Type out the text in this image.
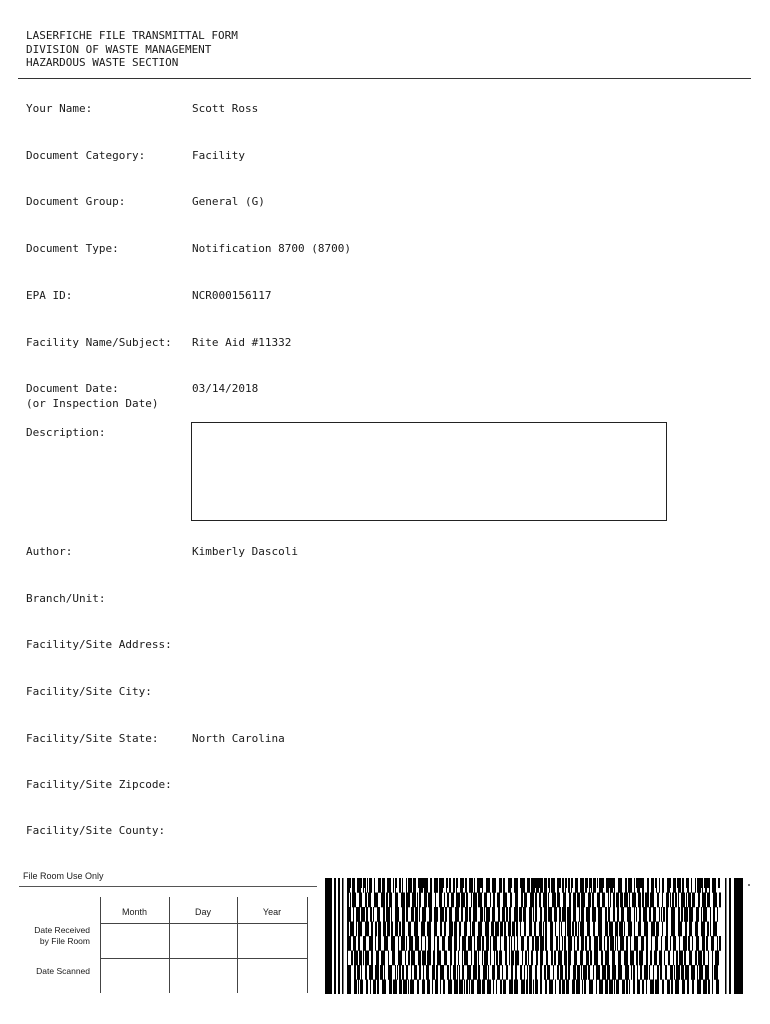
LASERFICHE FILE TRANSMITTAL FORM
DIVISION OF WASTE MANAGEMENT
HAZARDOUS WASTE SECTION
Your Name:	Scott Ross
Document Category:	Facility
Document Group:	General (G)
Document Type:	Notification 8700 (8700)
EPA ID:	NCR000156117
Facility Name/Subject: Rite Aid #11332
Document Date:	03/14/2018
(or Inspection Date)
Description:
Author:	Kimberly Dascoli
Branch/Unit:
Facility/Site Address:
Facility/Site City:
Facility/Site State:	North Carolina
Facility/Site Zipcode:
Facility/Site County:
File Room Use Only
Month	Day	Year
Date Received
by File Room
Date Scanned
